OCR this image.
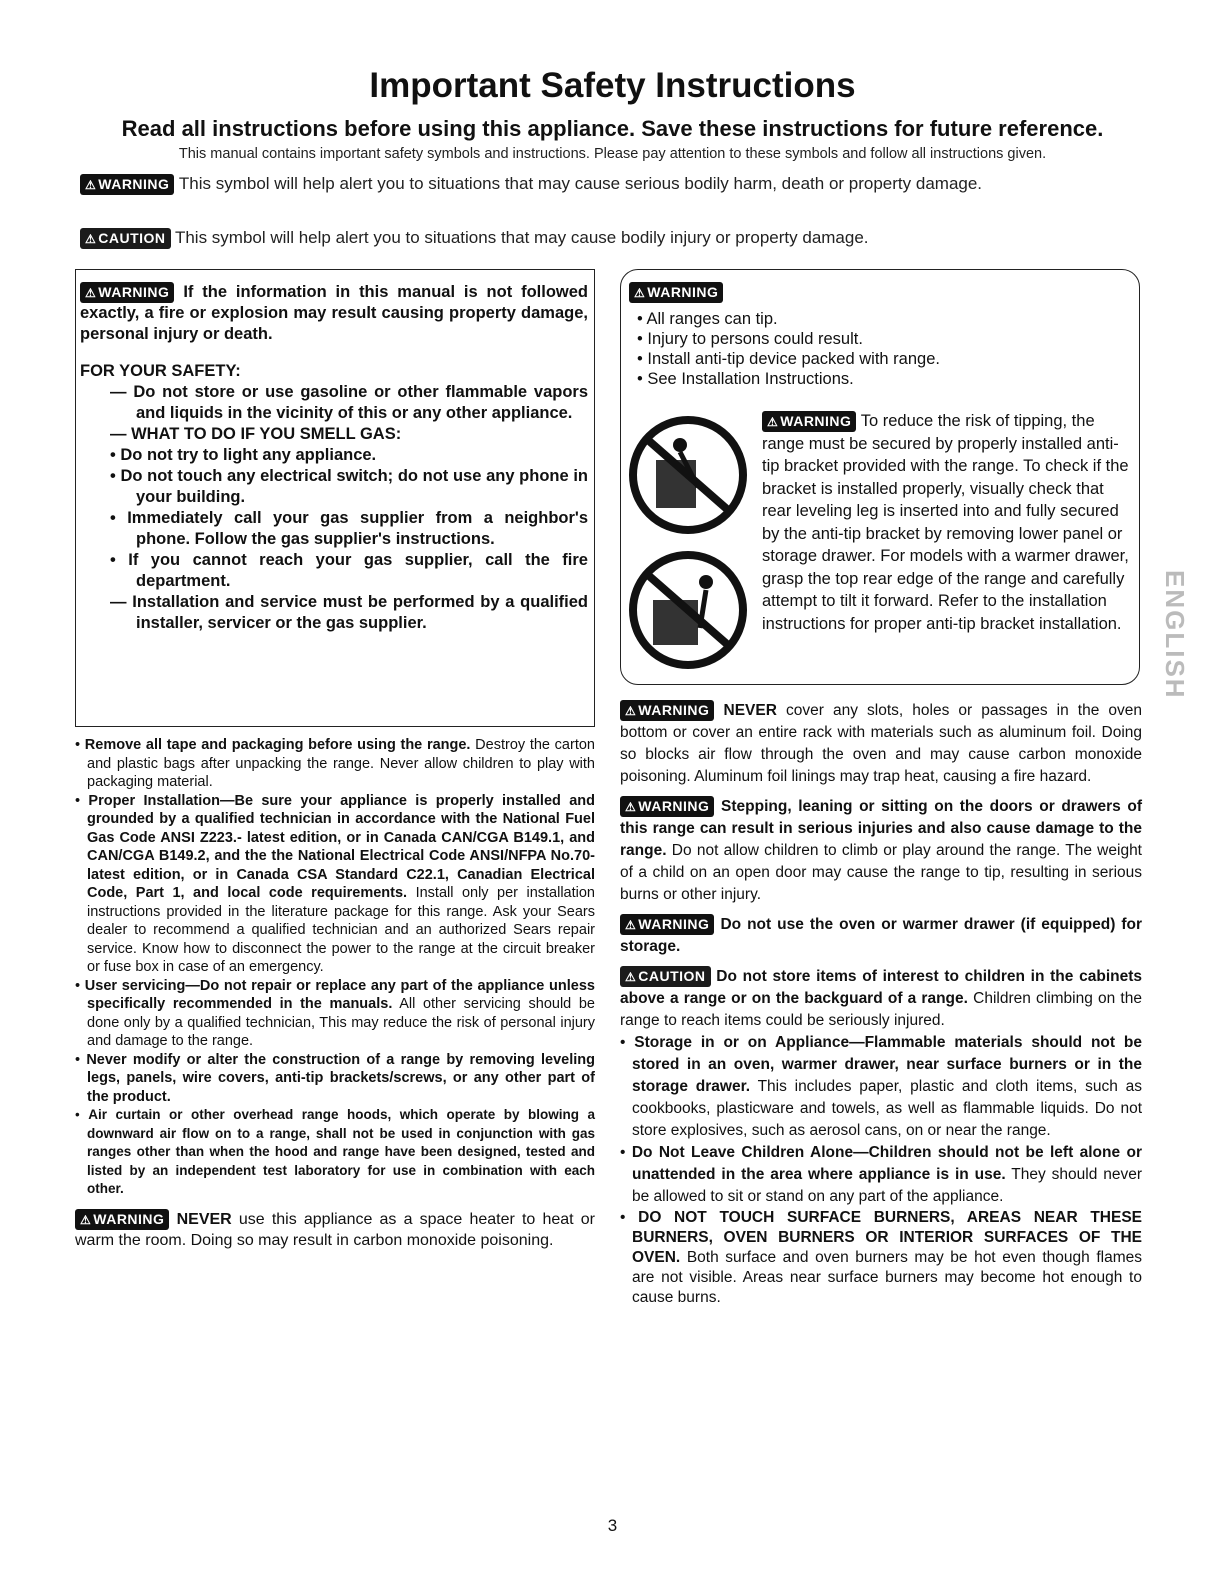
Important Safety Instructions
Read all instructions before using this appliance. Save these instructions for future reference.
This manual contains important safety symbols and instructions. Please pay attention to these symbols and follow all instructions given.
⚠ WARNING This symbol will help alert you to situations that may cause serious bodily harm, death or property damage.
⚠ CAUTION This symbol will help alert you to situations that may cause bodily injury or property damage.

⚠ WARNING If the information in this manual is not followed exactly, a fire or explosion may result causing property damage, personal injury or death.

FOR YOUR SAFETY:

— Do not store or use gasoline or other flammable vapors and liquids in the vicinity of this or any other appliance.

— WHAT TO DO IF YOU SMELL GAS:

• Do not try to light any appliance.

• Do not touch any electrical switch; do not use any phone in your building.

• Immediately call your gas supplier from a neighbor's phone. Follow the gas supplier's instructions.

• If you cannot reach your gas supplier, call the fire department.

— Installation and service must be performed by a qualified installer, servicer or the gas supplier.

• Remove all tape and packaging before using the range. Destroy the carton and plastic bags after unpacking the range. Never allow children to play with packaging material.

• Proper Installation—Be sure your appliance is properly installed and grounded by a qualified technician in accordance with the National Fuel Gas Code ANSI Z223.- latest edition, or in Canada CAN/CGA B149.1, and CAN/CGA B149.2, and the the National Electrical Code ANSI/NFPA No.70-latest edition, or in Canada CSA Standard C22.1, Canadian Electrical Code, Part 1, and local code requirements. Install only per installation instructions provided in the literature package for this range. Ask your Sears dealer to recommend a qualified technician and an authorized Sears repair service. Know how to disconnect the power to the range at the circuit breaker or fuse box in case of an emergency.

• User servicing—Do not repair or replace any part of the appliance unless specifically recommended in the manuals. All other servicing should be done only by a qualified technician, This may reduce the risk of personal injury and damage to the range.

• Never modify or alter the construction of a range by removing leveling legs, panels, wire covers, anti-tip brackets/screws, or any other part of the product.

• Air curtain or other overhead range hoods, which operate by blowing a downward air flow on to a range, shall not be used in conjunction with gas ranges other than when the hood and range have been designed, tested and listed by an independent test laboratory for use in combination with each other.

⚠ WARNING NEVER use this appliance as a space heater to heat or warm the room. Doing so may result in carbon monoxide poisoning.

⚠ WARNING
• All ranges can tip.
• Injury to persons could result.
• Install anti-tip device packed with range.
• See Installation Instructions.
⚠ WARNING To reduce the risk of tipping, the range must be secured by properly installed anti-tip bracket provided with the range. To check if the bracket is installed properly, visually check that rear leveling leg is inserted into and fully secured by the anti-tip bracket by removing lower panel or storage drawer. For models with a warmer drawer, grasp the top rear edge of the range and carefully attempt to tilt it forward. Refer to the installation instructions for proper anti-tip bracket installation.

⚠ WARNING NEVER cover any slots, holes or passages in the oven bottom or cover an entire rack with materials such as aluminum foil. Doing so blocks air flow through the oven and may cause carbon monoxide poisoning. Aluminum foil linings may trap heat, causing a fire hazard.

⚠ WARNING Stepping, leaning or sitting on the doors or drawers of this range can result in serious injuries and also cause damage to the range. Do not allow children to climb or play around the range. The weight of a child on an open door may cause the range to tip, resulting in serious burns or other injury.

⚠ WARNING Do not use the oven or warmer drawer (if equipped) for storage.

⚠ CAUTION Do not store items of interest to children in the cabinets above a range or on the backguard of a range. Children climbing on the range to reach items could be seriously injured.

• Storage in or on Appliance—Flammable materials should not be stored in an oven, warmer drawer, near surface burners or in the storage drawer. This includes paper, plastic and cloth items, such as cookbooks, plasticware and towels, as well as flammable liquids. Do not store explosives, such as aerosol cans, on or near the range.

• Do Not Leave Children Alone—Children should not be left alone or unattended in the area where appliance is in use. They should never be allowed to sit or stand on any part of the appliance.

• DO NOT TOUCH SURFACE BURNERS, AREAS NEAR THESE BURNERS, OVEN BURNERS OR INTERIOR SURFACES OF THE OVEN. Both surface and oven burners may be hot even though flames are not visible. Areas near surface burners may become hot enough to cause burns.

ENGLISH
3
